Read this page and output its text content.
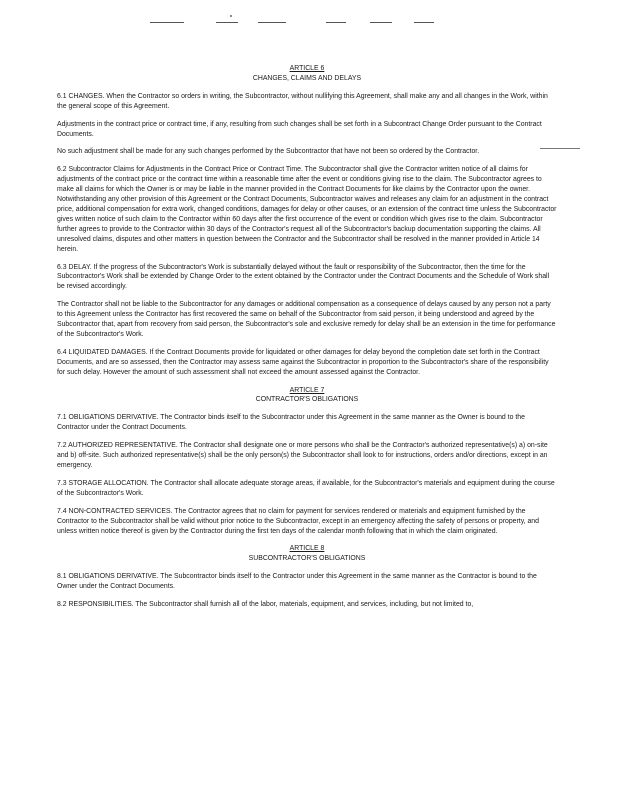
ARTICLE 6
CHANGES, CLAIMS AND DELAYS

6.1 CHANGES. When the Contractor so orders in writing, the Subcontractor, without nullifying this Agreement, shall make any and all changes in the Work, within the general scope of this Agreement.

Adjustments in the contract price or contract time, if any, resulting from such changes shall be set forth in a Subcontract Change Order pursuant to the Contract Documents.

No such adjustment shall be made for any such changes performed by the Subcontractor that have not been so ordered by the Contractor.

6.2 Subcontractor Claims for Adjustments in the Contract Price or Contract Time. The Subcontractor shall give the Contractor written notice of all claims for adjustments of the contract price or the contract time within a reasonable time after the event or conditions giving rise to the claim. The Subcontractor agrees to make all claims for which the Owner is or may be liable in the manner provided in the Contract Documents for like claims by the Contractor upon the owner. Notwithstanding any other provision of this Agreement or the Contract Documents, Subcontractor waives and releases any claim for an adjustment in the contract price, additional compensation for extra work, changed conditions, damages for delay or other causes, or an extension of the contract time unless the Subcontractor gives written notice of such claim to the Contractor within 60 days after the first occurrence of the event or condition which gives rise to the claim. Subcontractor further agrees to provide to the Contractor within 30 days of the Contractor's request all of the Subcontractor's backup documentation supporting the claims. All unresolved claims, disputes and other matters in question between the Contractor and the Subcontractor shall be resolved in the manner provided in Article 14 herein.

6.3 DELAY. If the progress of the Subcontractor's Work is substantially delayed without the fault or responsibility of the Subcontractor, then the time for the Subcontractor's Work shall be extended by Change Order to the extent obtained by the Contractor under the Contract Documents and the Schedule of Work shall be revised accordingly.

The Contractor shall not be liable to the Subcontractor for any damages or additional compensation as a consequence of delays caused by any person not a party to this Agreement unless the Contractor has first recovered the same on behalf of the Subcontractor from said person, it being understood and agreed by the Subcontractor that, apart from recovery from said person, the Subcontractor's sole and exclusive remedy for delay shall be an extension in the time for performance of the Subcontractor's Work.

6.4 LIQUIDATED DAMAGES. If the Contract Documents provide for liquidated or other damages for delay beyond the completion date set forth in the Contract Documents, and are so assessed, then the Contractor may assess same against the Subcontractor in proportion to the Subcontractor's share of the responsibility for such delay. However the amount of such assessment shall not exceed the amount assessed against the Contractor.

ARTICLE 7
CONTRACTOR'S OBLIGATIONS

7.1 OBLIGATIONS DERIVATIVE. The Contractor binds itself to the Subcontractor under this Agreement in the same manner as the Owner is bound to the Contractor under the Contract Documents.

7.2 AUTHORIZED REPRESENTATIVE. The Contractor shall designate one or more persons who shall be the Contractor's authorized representative(s) a) on-site and b) off-site. Such authorized representative(s) shall be the only person(s) the Subcontractor shall look to for instructions, orders and/or directions, except in an emergency.

7.3 STORAGE ALLOCATION. The Contractor shall allocate adequate storage areas, if available, for the Subcontractor's materials and equipment during the course of the Subcontractor's Work.

7.4 NON-CONTRACTED SERVICES. The Contractor agrees that no claim for payment for services rendered or materials and equipment furnished by the Contractor to the Subcontractor shall be valid without prior notice to the Subcontractor, except in an emergency affecting the safety of persons or property, and unless written notice thereof is given by the Contractor during the first ten days of the calendar month following that in which the claim originated.

ARTICLE 8
SUBCONTRACTOR'S OBLIGATIONS

8.1 OBLIGATIONS DERIVATIVE. The Subcontractor binds itself to the Contractor under this Agreement in the same manner as the Contractor is bound to the Owner under the Contract Documents.

8.2 RESPONSIBILITIES. The Subcontractor shall furnish all of the labor, materials, equipment, and services, including, but not limited to,
